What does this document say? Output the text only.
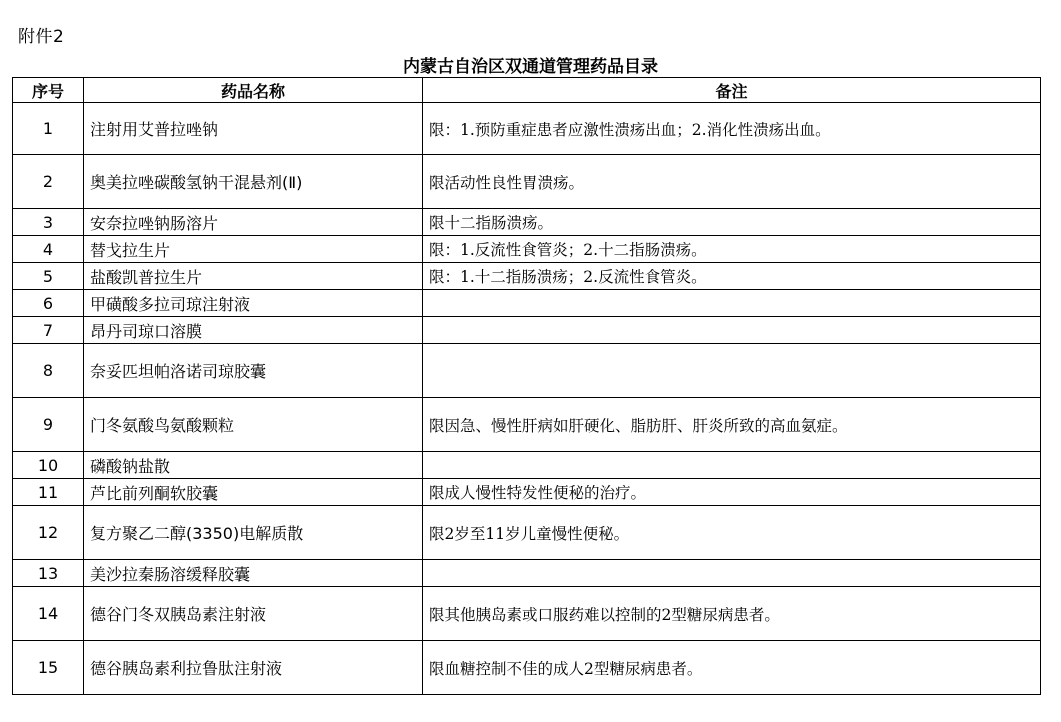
附件2
内蒙古自治区双通道管理药品目录
序号	药品名称	备注
1	注射用艾普拉唑钠	限：1.预防重症患者应激性溃疡出血；2.消化性溃疡出血。
2	奥美拉唑碳酸氢钠干混悬剂(Ⅱ)	限活动性良性胃溃疡。
3	安奈拉唑钠肠溶片	限十二指肠溃疡。
4	替戈拉生片	限：1.反流性食管炎；2.十二指肠溃疡。
5	盐酸凯普拉生片	限：1.十二指肠溃疡；2.反流性食管炎。
6	甲磺酸多拉司琼注射液	
7	昂丹司琼口溶膜	
8	奈妥匹坦帕洛诺司琼胶囊	
9	门冬氨酸鸟氨酸颗粒	限因急、慢性肝病如肝硬化、脂肪肝、肝炎所致的高血氨症。
10	磷酸钠盐散	
11	芦比前列酮软胶囊	限成人慢性特发性便秘的治疗。
12	复方聚乙二醇(3350)电解质散	限2岁至11岁儿童慢性便秘。
13	美沙拉秦肠溶缓释胶囊	
14	德谷门冬双胰岛素注射液	限其他胰岛素或口服药难以控制的2型糖尿病患者。
15	德谷胰岛素利拉鲁肽注射液	限血糖控制不佳的成人2型糖尿病患者。
